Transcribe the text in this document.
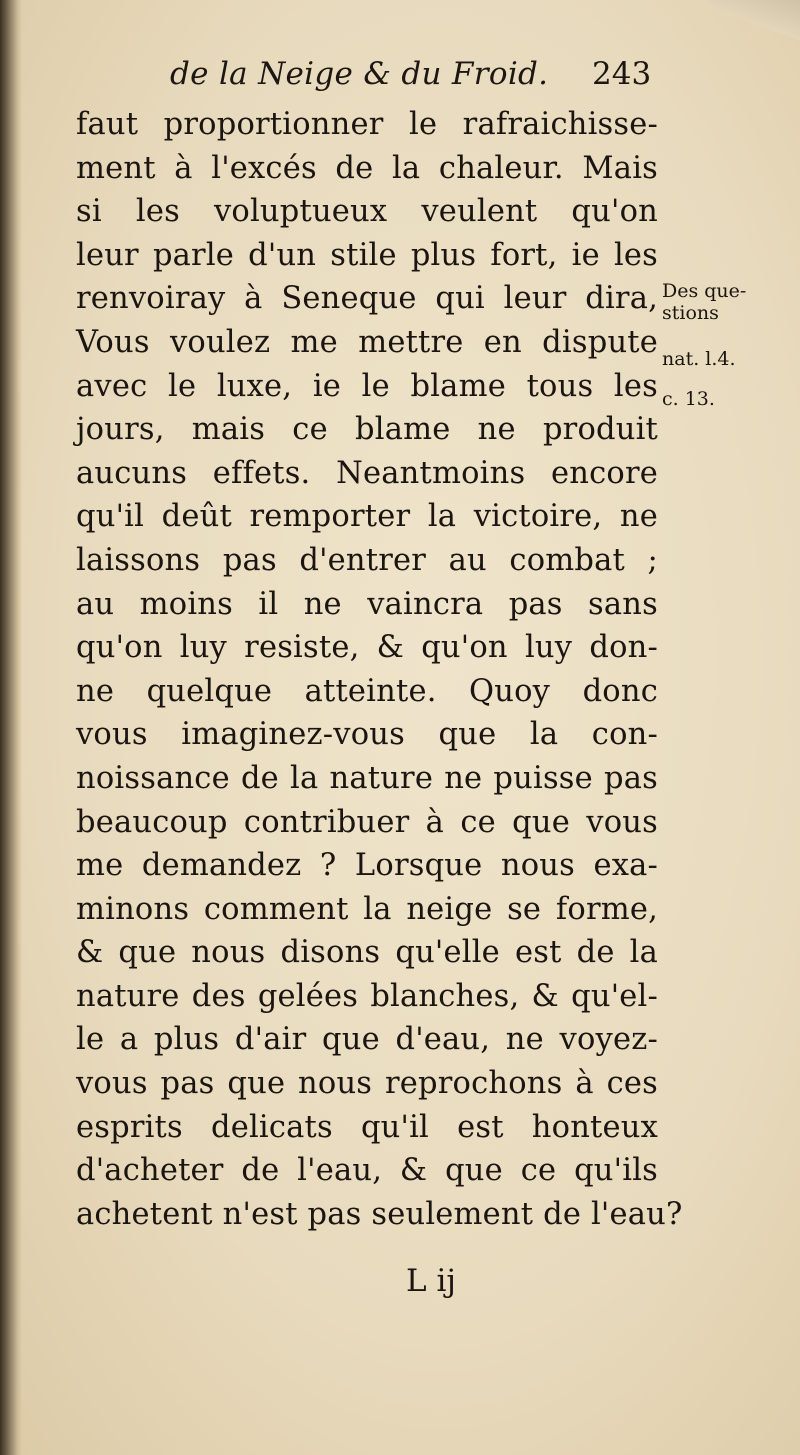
de la Neige & du Froid. 243
faut proportionner le rafraichisse-
ment à l'excés de la chaleur. Mais
si les voluptueux veulent qu'on
leur parle d'un stile plus fort, ie les
renvoiray à Seneque qui leur dira,
Vous voulez me mettre en dispute
avec le luxe, ie le blame tous les
jours, mais ce blame ne produit
aucuns effets. Neantmoins encore
qu'il deût remporter la victoire, ne
laissons pas d'entrer au combat ;
au moins il ne vaincra pas sans
qu'on luy resiste, & qu'on luy don-
ne quelque atteinte. Quoy donc
vous imaginez-vous que la con-
noissance de la nature ne puisse pas
beaucoup contribuer à ce que vous
me demandez ? Lorsque nous exa-
minons comment la neige se forme,
& que nous disons qu'elle est de la
nature des gelées blanches, & qu'el-
le a plus d'air que d'eau, ne voyez-
vous pas que nous reprochons à ces
esprits delicats qu'il est honteux
d'acheter de l'eau, & que ce qu'ils
achetent n'est pas seulement de l'eau?
Des que-
stions
nat. l.4.
c. 13.
L ij
